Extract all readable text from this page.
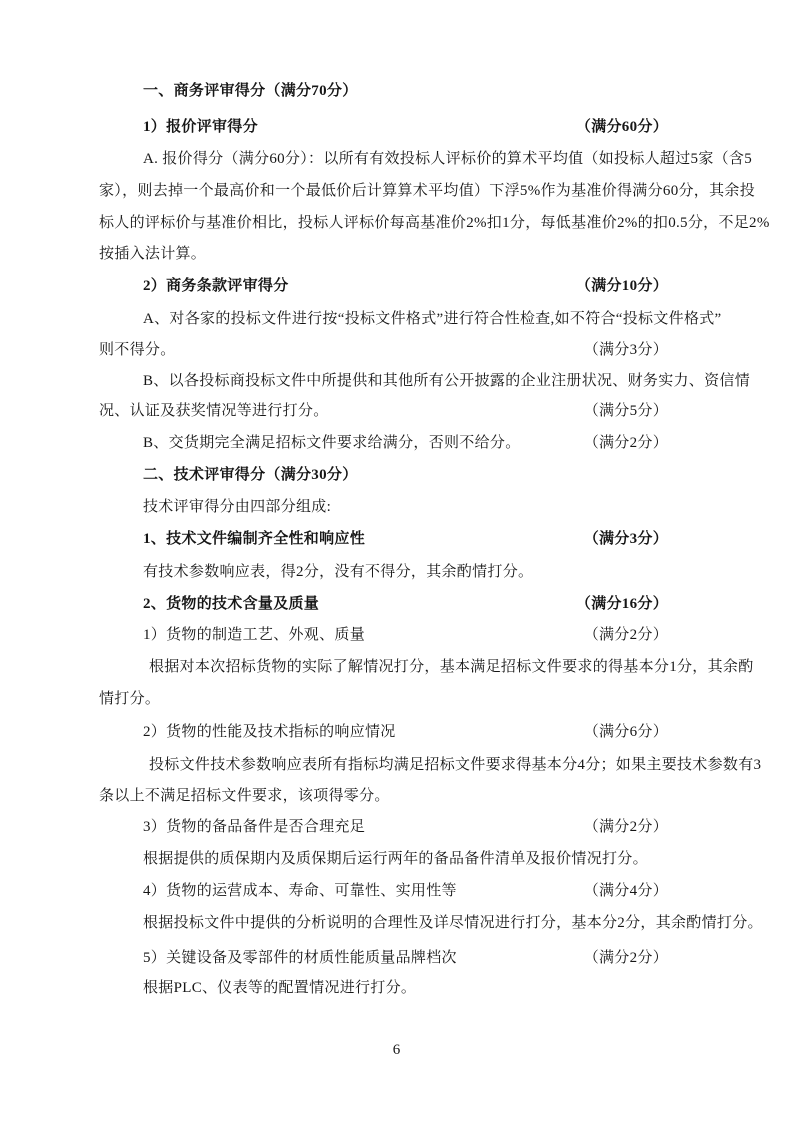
一、商务评审得分（满分70分）
1）报价评审得分	（满分60分）
A. 报价得分（满分60分）：以所有有效投标人评标价的算术平均值（如投标人超过5家（含5
家），则去掉一个最高价和一个最低价后计算算术平均值）下浮5%作为基准价得满分60分，其余投
标人的评标价与基准价相比，投标人评标价每高基准价2%扣1分，每低基准价2%的扣0.5分，不足2%
按插入法计算。
2）商务条款评审得分	（满分10分）
A、对各家的投标文件进行按“投标文件格式”进行符合性检查,如不符合“投标文件格式”
则不得分。	（满分3分）
B、以各投标商投标文件中所提供和其他所有公开披露的企业注册状况、财务实力、资信情
况、认证及获奖情况等进行打分。	（满分5分）
B、交货期完全满足招标文件要求给满分，否则不给分。	（满分2分）
二、技术评审得分（满分30分）
技术评审得分由四部分组成:
1、技术文件编制齐全性和响应性	（满分3分）
有技术参数响应表，得2分，没有不得分，其余酌情打分。
2、货物的技术含量及质量	（满分16分）
1）货物的制造工艺、外观、质量	（满分2分）
根据对本次招标货物的实际了解情况打分，基本满足招标文件要求的得基本分1分，其余酌
情打分。
2）货物的性能及技术指标的响应情况	（满分6分）
投标文件技术参数响应表所有指标均满足招标文件要求得基本分4分；如果主要技术参数有3
条以上不满足招标文件要求，该项得零分。
3）货物的备品备件是否合理充足	（满分2分）
根据提供的质保期内及质保期后运行两年的备品备件清单及报价情况打分。
4）货物的运营成本、寿命、可靠性、实用性等	（满分4分）
根据投标文件中提供的分析说明的合理性及详尽情况进行打分，基本分2分，其余酌情打分。
5）关键设备及零部件的材质性能质量品牌档次	（满分2分）
根据PLC、仪表等的配置情况进行打分。
6
